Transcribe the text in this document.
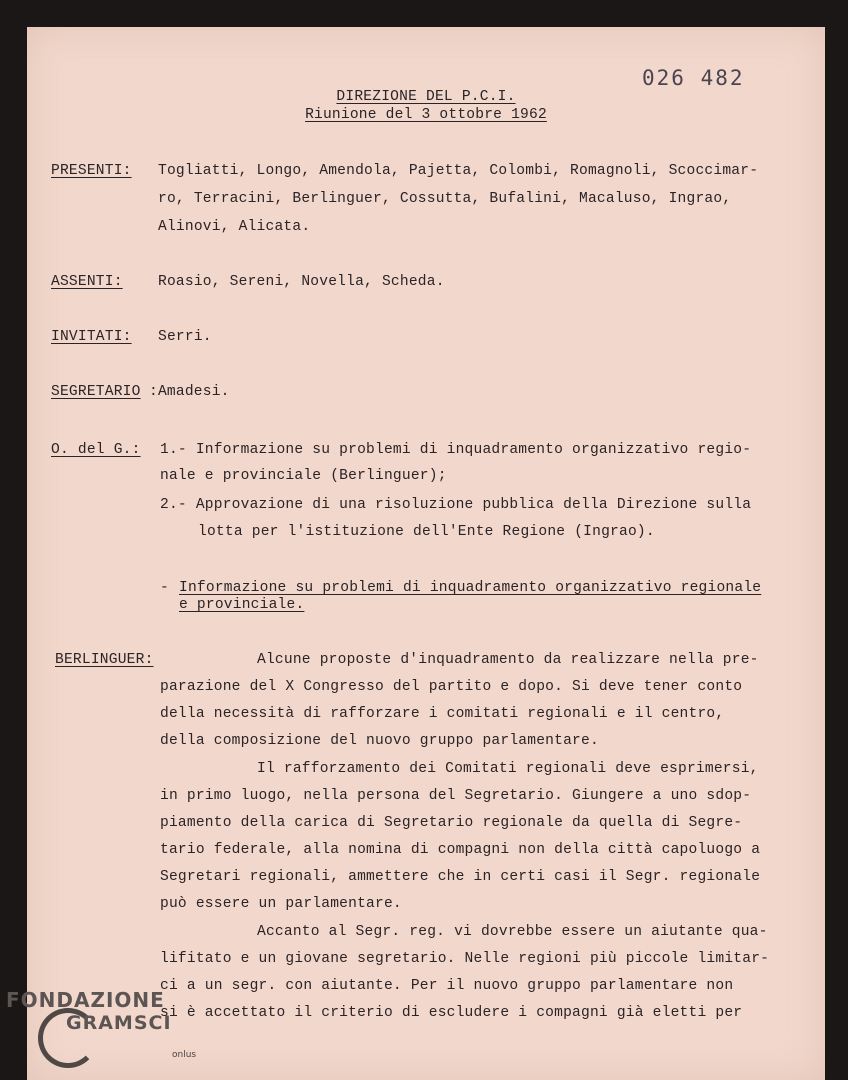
026 482
DIREZIONE DEL P.C.I.
Riunione del 3 ottobre 1962
PRESENTI: Togliatti, Longo, Amendola, Pajetta, Colombi, Romagnoli, Scoccimar-
ro, Terracini, Berlinguer, Cossutta, Bufalini, Macaluso, Ingrao,
Alinovi, Alicata.
ASSENTI: Roasio, Sereni, Novella, Scheda.
INVITATI: Serri.
SEGRETARIO :Amadesi.
O. del G.: 1.- Informazione su problemi di inquadramento organizzativo regio-
nale e provinciale (Berlinguer);
2.- Approvazione di una risoluzione pubblica della Direzione sulla
lotta per l'istituzione dell'Ente Regione (Ingrao).
- Informazione su problemi di inquadramento organizzativo regionale
e provinciale.
BERLINGUER:	Alcune proposte d'inquadramento da realizzare nella pre-
parazione del X Congresso del partito e dopo. Si deve tener conto
della necessità di rafforzare i comitati regionali e il centro,
della composizione del nuovo gruppo parlamentare.
Il rafforzamento dei Comitati regionali deve esprimersi,
in primo luogo, nella persona del Segretario. Giungere a uno sdop-
piamento della carica di Segretario regionale da quella di Segre-
tario federale, alla nomina di compagni non della città capoluogo a
Segretari regionali, ammettere che in certi casi il Segr. regionale
può essere un parlamentare.
Accanto al Segr. reg. vi dovrebbe essere un aiutante qua-
lifitato e un giovane segretario. Nelle regioni più piccole limitar-
ci a un segr. con aiutante. Per il nuovo gruppo parlamentare non
si è accettato il criterio di escludere i compagni già eletti per
FONDAZIONE
GRAMSCI
onlus
